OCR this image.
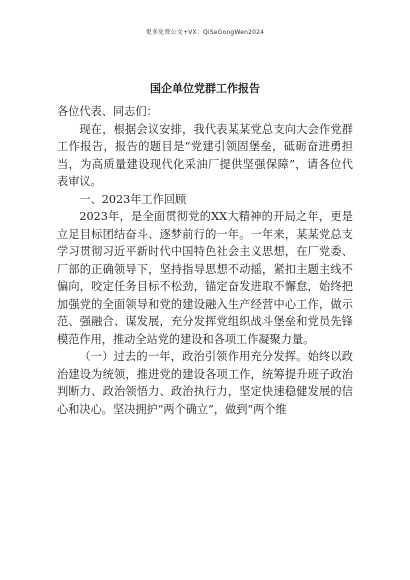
更多免费公文+VX：QiSeGongWen2024
国企单位党群工作报告

各位代表、同志们：

现在，根据会议安排，我代表某某党总支向大会作党群工作报告，报告的题目是“党建引领固堡垒，砥砺奋进勇担当，为高质量建设现代化采油厂提供坚强保障”，请各位代表审议。

一、2023年工作回顾

2023年，是全面贯彻党的XX大精神的开局之年，更是立足目标团结奋斗、逐梦前行的一年。一年来，某某党总支学习贯彻习近平新时代中国特色社会主义思想，在厂党委、厂部的正确领导下，坚持指导思想不动摇，紧扣主题主线不偏向，咬定任务目标不松劲，锚定奋发进取不懈怠，始终把加强党的全面领导和党的建设融入生产经营中心工作，做示范、强融合、谋发展，充分发挥党组织战斗堡垒和党员先锋模范作用，推动全站党的建设和各项工作凝聚力量。

（一）过去的一年，政治引领作用充分发挥。始终以政治建设为统领，推进党的建设各项工作，统筹提升班子政治判断力、政治领悟力、政治执行力，坚定快速稳健发展的信心和决心。坚决拥护“两个确立”，做到“两个维
